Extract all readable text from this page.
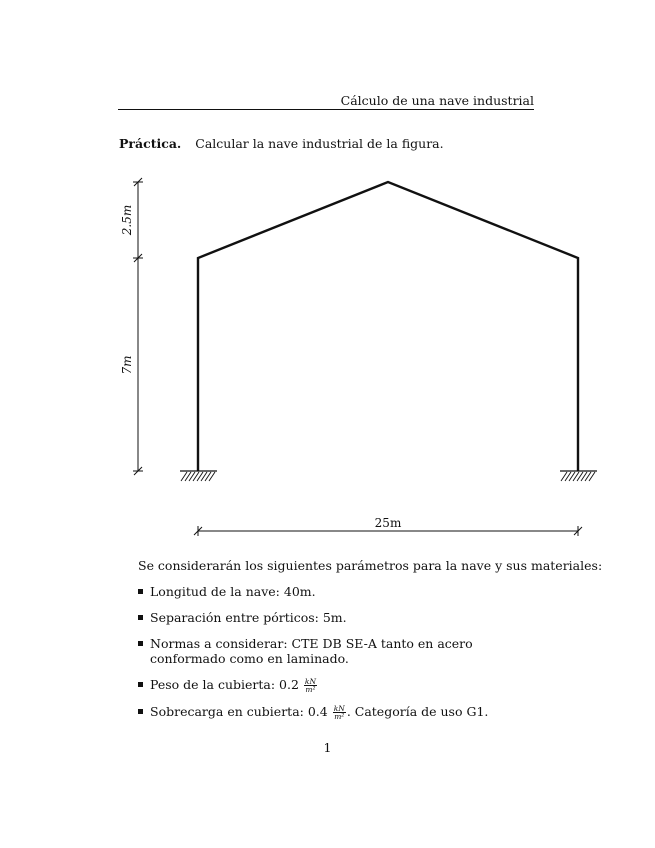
Cálculo de una nave industrial
Práctica. Calcular la nave industrial de la figura.
2.5m
7m
25m
Se considerarán los siguientes parámetros para la nave y sus materiales:
Longitud de la nave: 40m.
Separación entre pórticos: 5m.
Normas a considerar: CTE DB SE-A tanto en acero conformado como en laminado.
Peso de la cubierta: $0.2 \frac{kN}{\text{m²}}$
Sobrecarga en cubierta: $0.4 \frac{kN}{\text{m²}}$ . Categoría de uso G1.
1
